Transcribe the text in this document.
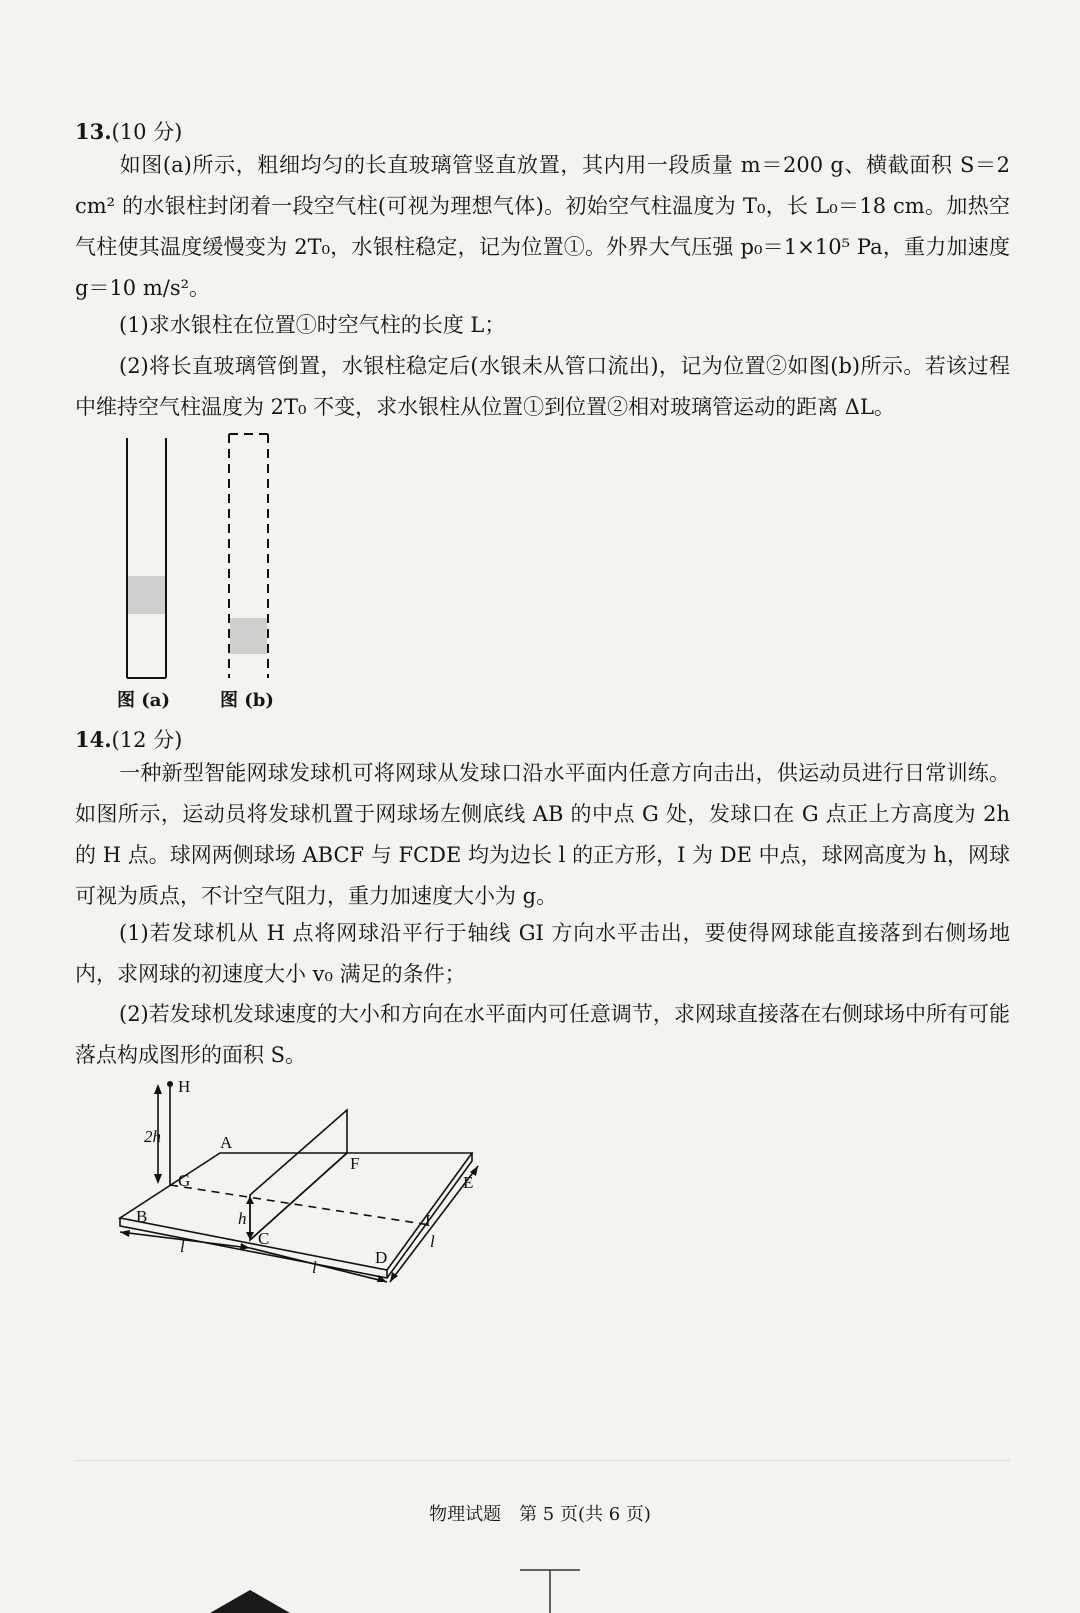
13.(10 分)
如图(a)所示，粗细均匀的长直玻璃管竖直放置，其内用一段质量 m＝200 g、横截面积 S＝2 cm² 的水银柱封闭着一段空气柱(可视为理想气体)。初始空气柱温度为 T₀，长 L₀＝18 cm。加热空气柱使其温度缓慢变为 2T₀，水银柱稳定，记为位置①。外界大气压强 p₀＝1×10⁵ Pa，重力加速度g＝10 m/s²。
(1)求水银柱在位置①时空气柱的长度 L；
(2)将长直玻璃管倒置，水银柱稳定后(水银未从管口流出)，记为位置②如图(b)所示。若该过程中维持空气柱温度为 2T₀ 不变，求水银柱从位置①到位置②相对玻璃管运动的距离 ΔL。
图 (a)	图 (b)
14.(12 分)
一种新型智能网球发球机可将网球从发球口沿水平面内任意方向击出，供运动员进行日常训练。如图所示，运动员将发球机置于网球场左侧底线 AB 的中点 G 处，发球口在 G 点正上方高度为 2h 的 H 点。球网两侧球场 ABCF 与 FCDE 均为边长 l 的正方形，I 为 DE 中点，球网高度为 h，网球可视为质点，不计空气阻力，重力加速度大小为 g。
(1)若发球机从 H 点将网球沿平行于轴线 GI 方向水平击出，要使得网球能直接落到右侧场地内，求网球的初速度大小 v₀ 满足的条件；
(2)若发球机发球速度的大小和方向在水平面内可任意调节，求网球直接落在右侧球场中所有可能落点构成图形的面积 S。
H
2h	A
F
G	E
B	h	I
C
D
l
l
l
物理试题　第 5 页(共 6 页)
